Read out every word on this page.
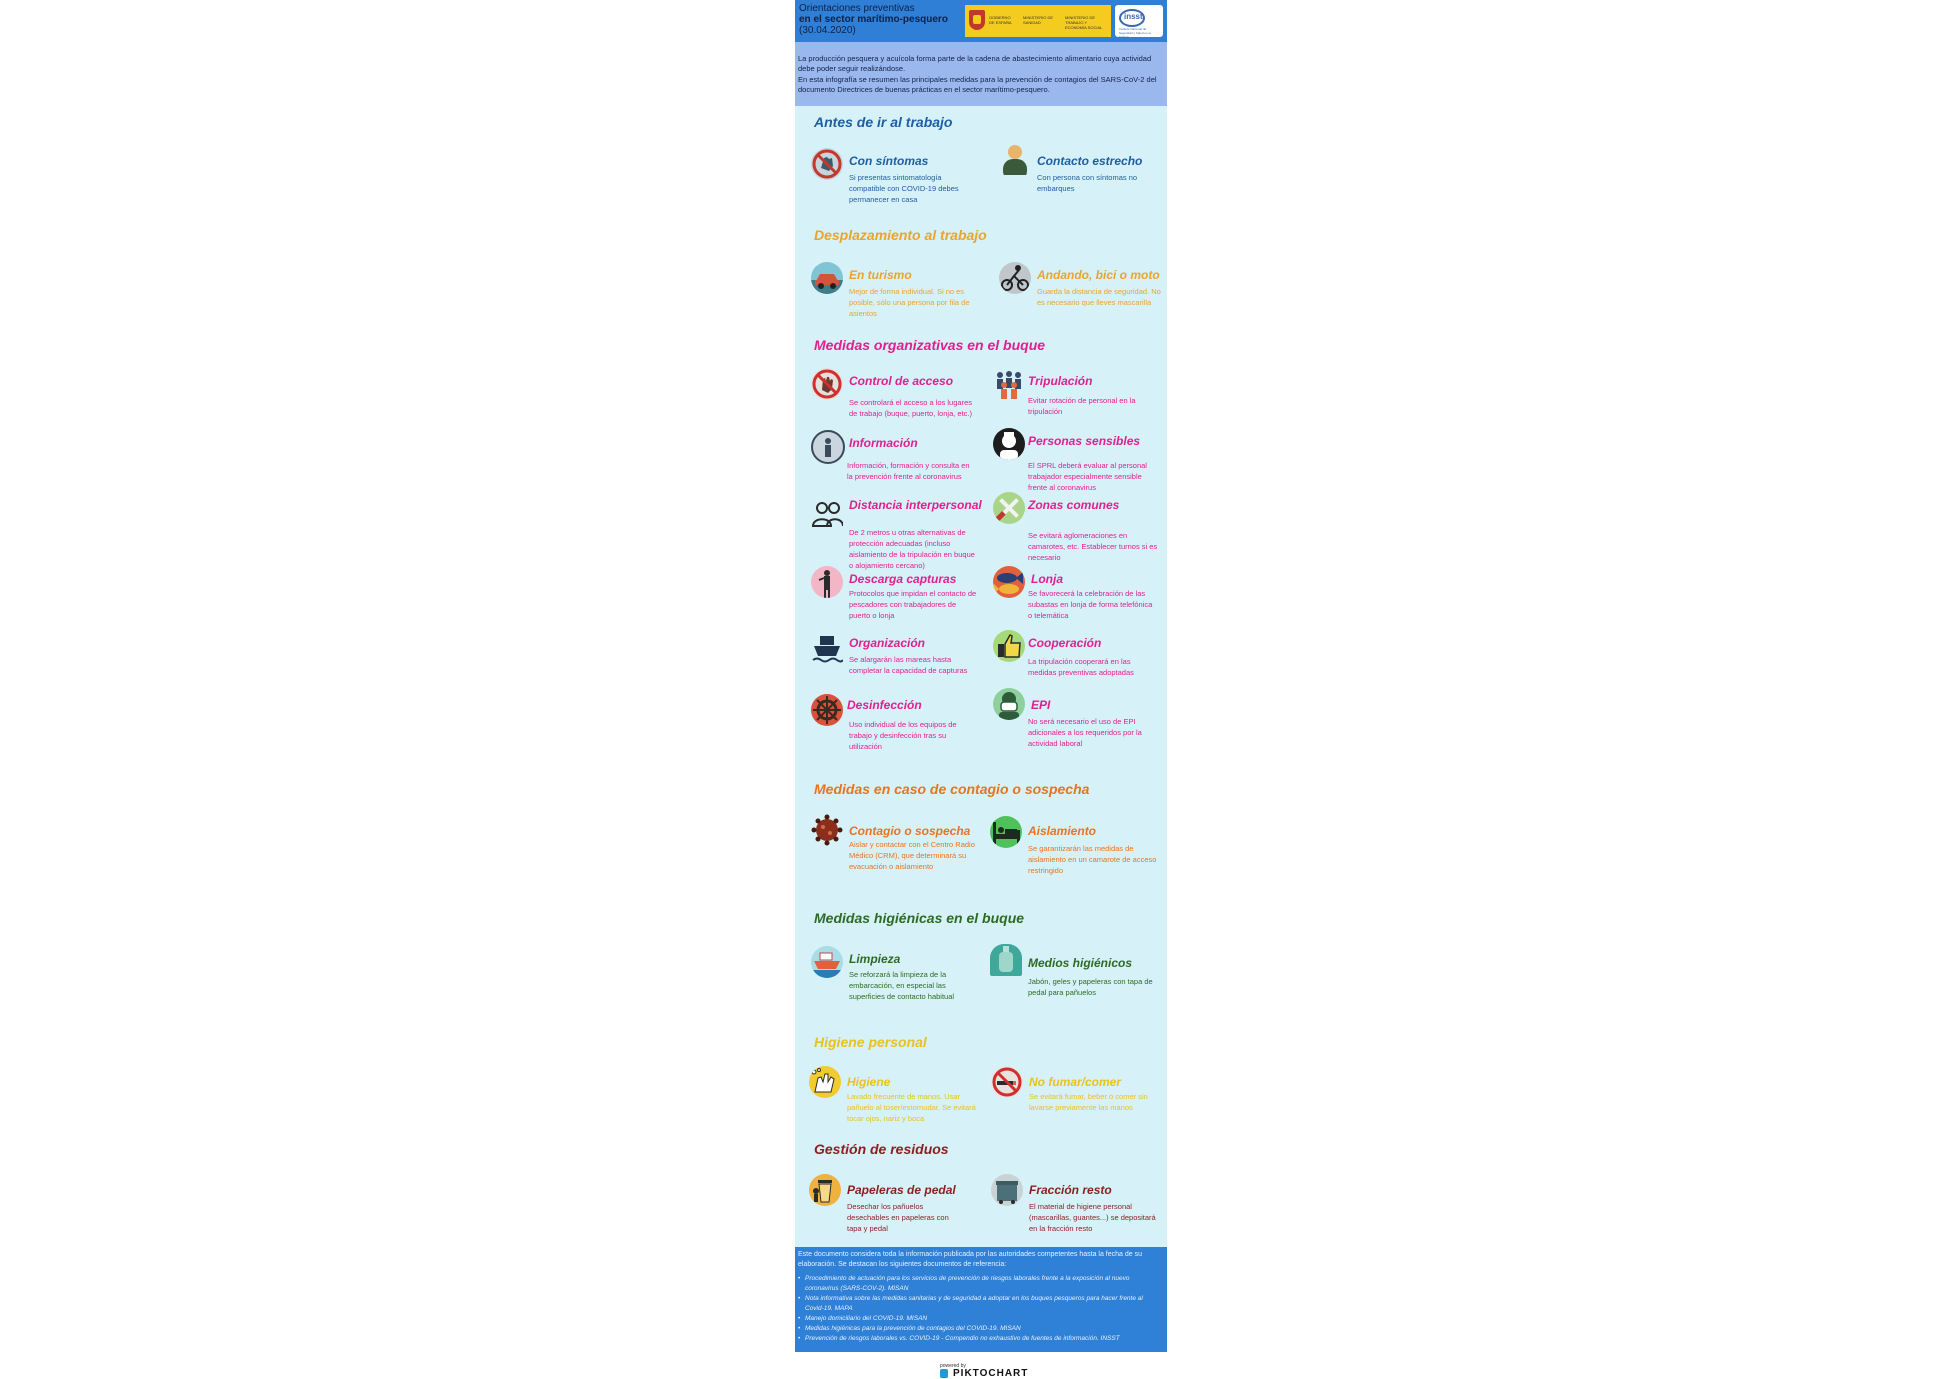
Orientaciones preventivas
en el sector marítimo-pesquero
(30.04.2020)
GOBIERNO DE ESPAÑA
MINISTERIO DE SANIDAD
MINISTERIO DE TRABAJO Y ECONOMÍA SOCIAL
insst
Instituto Nacional de Seguridad y Salud en el Trabajo

La producción pesquera y acuícola forma parte de la cadena de abastecimiento alimentario cuya actividad debe poder seguir realizándose.

En esta infografía se resumen las principales medidas para la prevención de contagios del SARS-CoV-2 del documento Directrices de buenas prácticas en el sector marítimo-pesquero.

Antes de ir al trabajo
Con síntomas
Si presentas sintomatología compatible con COVID-19 debes permanecer en casa
Contacto estrecho
Con persona con síntomas no embarques
Desplazamiento al trabajo
En turismo
Mejor de forma individual. Si no es posible, sólo una persona por fila de asientos
Andando, bici o moto
Guarda la distancia de seguridad. No es necesario que lleves mascarilla
Medidas organizativas en el buque
Control de acceso
Se controlará el acceso a los lugares de trabajo (buque, puerto, lonja, etc.)
Tripulación
Evitar rotación de personal en la tripulación
Información
Información, formación y consulta en la prevención frente al coronavirus
Personas sensibles
El SPRL deberá evaluar al personal trabajador especialmente sensible frente al coronavirus
Distancia interpersonal
De 2 metros u otras alternativas de protección adecuadas (incluso aislamiento de la tripulación en buque o alojamiento cercano)
Zonas comunes
Se evitará aglomeraciones en camarotes, etc. Establecer turnos si es necesario
Descarga capturas
Protocolos que impidan el contacto de pescadores con trabajadores de puerto o lonja
Lonja
Se favorecerá la celebración de las subastas en lonja de forma telefónica o telemática
Organización
Se alargarán las mareas hasta completar la capacidad de capturas
Cooperación
La tripulación cooperará en las medidas preventivas adoptadas
Desinfección
Uso individual de los equipos de trabajo y desinfección tras su utilización
EPI
No será necesario el uso de EPI adicionales a los requeridos por la actividad laboral
Medidas en caso de contagio o sospecha
Contagio o sospecha
Aislar y contactar con el Centro Radio Médico (CRM), que determinará su evacuación o aislamiento
Aislamiento
Se garantizarán las medidas de aislamiento en un camarote de acceso restringido
Medidas higiénicas en el buque
Limpieza
Se reforzará la limpieza de la embarcación, en especial las superficies de contacto habitual
Medios higiénicos
Jabón, geles y papeleras con tapa de pedal para pañuelos
Higiene personal
Higiene
Lavado frecuente de manos. Usar pañuelo al toser/estornudar. Se evitará tocar ojos, nariz y boca
No fumar/comer
Se evitará fumar, beber o comer sin lavarse previamente las manos
Gestión de residuos
Papeleras de pedal
Desechar los pañuelos desechables en papeleras con tapa y pedal
Fracción resto
El material de higiene personal (mascarillas, guantes...) se depositará en la fracción resto
Este documento considera toda la información publicada por las autoridades competentes hasta la fecha de su elaboración. Se destacan los siguientes documentos de referencia:
• Procedimiento de actuación para los servicios de prevención de riesgos laborales frente a la exposición al nuevo coronavirus (SARS-COV-2). MISAN
• Nota informativa sobre las medidas sanitarias y de seguridad a adoptar en los buques pesqueros para hacer frente al Covid-19. MAPA
• Manejo domiciliario del COVID-19. MISAN
• Medidas higiénicas para la prevención de contagios del COVID-19. MISAN
• Prevención de riesgos laborales vs. COVID-19 - Compendio no exhaustivo de fuentes de información. INSST
powered by
PIKTOCHART
